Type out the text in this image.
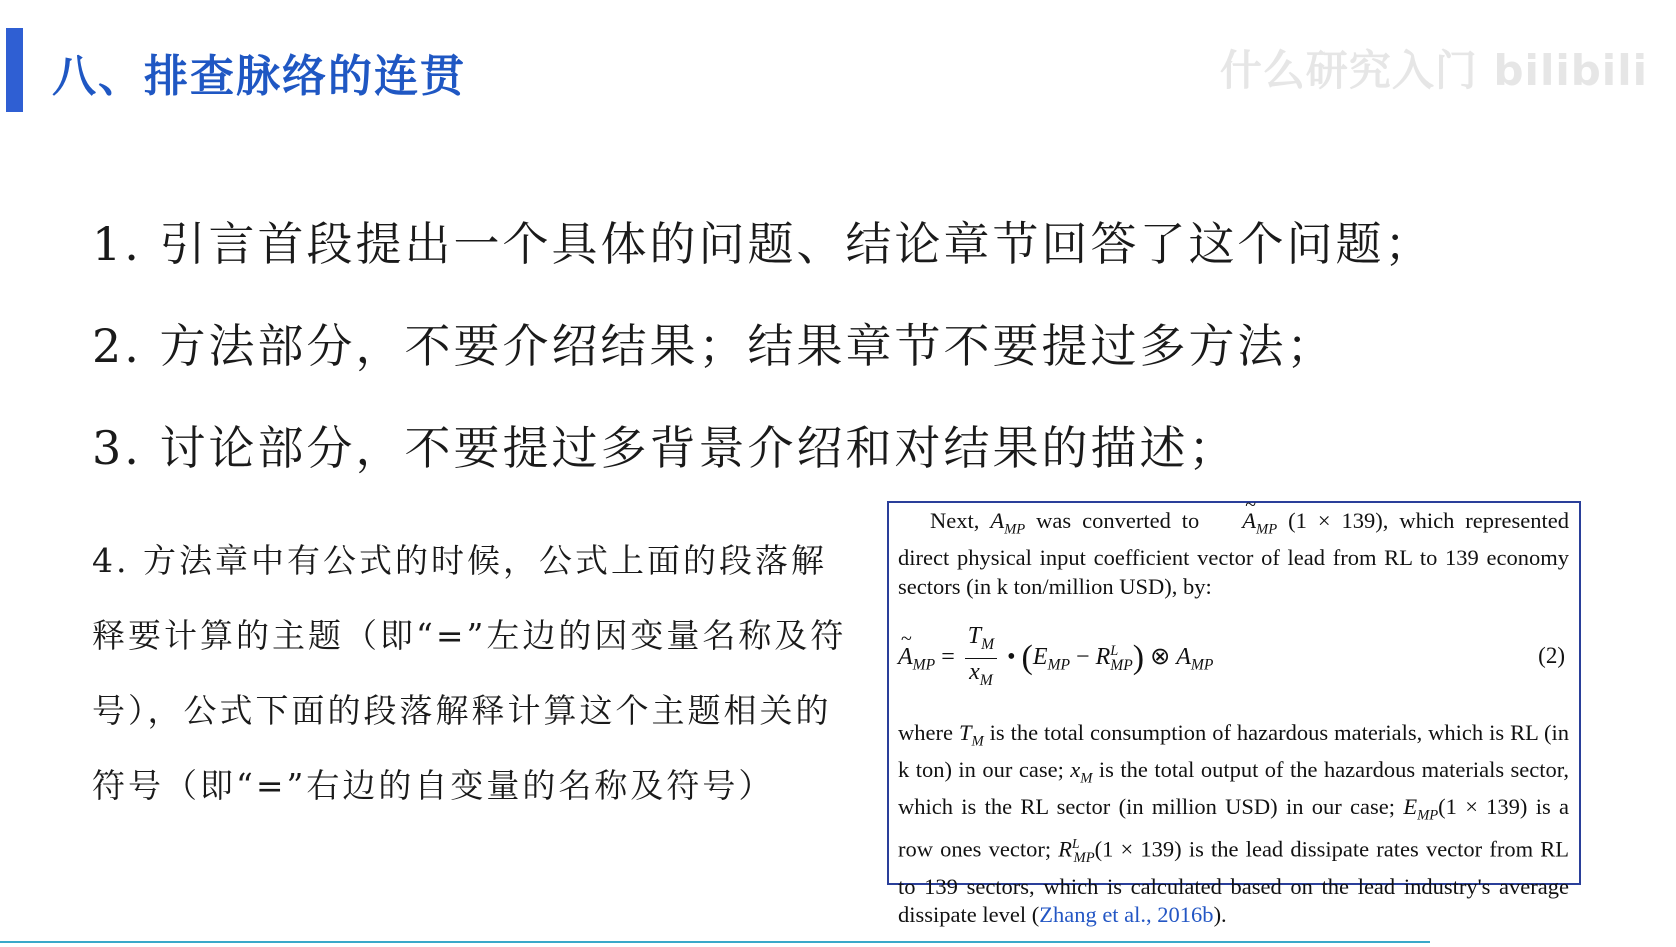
八、排查脉络的连贯	什么研究入门 bilibili
1. 引言首段提出一个具体的问题、结论章节回答了这个问题；
2. 方法部分，不要介绍结果；结果章节不要提过多方法；
3. 讨论部分，不要提过多背景介绍和对结果的描述；
4. 方法章中有公式的时候，公式上面的段落解释要计算的主题（即“=”左边的因变量名称及符号），公式下面的段落解释计算这个主题相关的符号（即“=”右边的自变量的名称及符号）

Next, $A_{MP}$ was converted to ~ $A_{MP}$ (1 × 139), which represented direct physical input coefficient vector of lead from RL to 139 economy sectors (in k ton/million USD), by:

~ $A_{MP} = \frac{T_M}{x_M}$ • $(E_{MP} - R^L_{MP})$ ⊗ $A_{MP}$	(2)

where $T_M$ is the total consumption of hazardous materials, which is RL (in k ton) in our case; $x_M$ is the total output of the hazardous materials sector, which is the RL sector (in million USD) in our case; $E_{MP}(1 \times 139)$ is a row ones vector; $R^L_{MP}(1 \times 139)$ is the lead dissipate rates vector from RL to 139 sectors, which is calculated based on the lead industry's average dissipate level (Zhang et al., 2016b).
